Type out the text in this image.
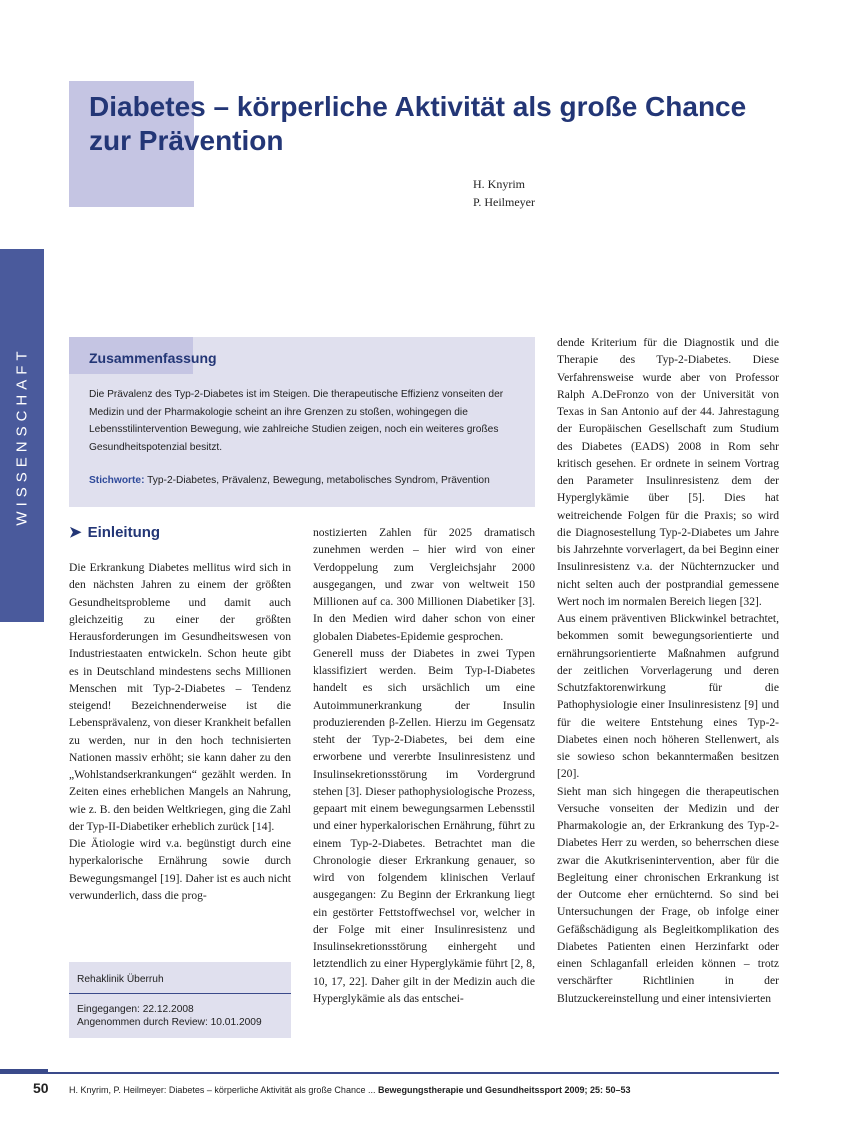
Diabetes – körperliche Aktivität als große Chance zur Prävention
H. Knyrim
P. Heilmeyer
WISSENSCHAFT	Zusammenfassung

Die Prävalenz des Typ-2-Diabetes ist im Steigen. Die therapeutische Effizienz vonseiten der Medizin und der Pharmakologie scheint an ihre Grenzen zu stoßen, wohingegen die Lebensstilintervention Bewegung, wie zahlreiche Studien zeigen, noch ein weiteres großes Gesundheitspotenzial besitzt.

Stichworte: Typ-2-Diabetes, Prävalenz, Bewegung, metabolisches Syndrom, Prävention
➤ Einleitung

Die Erkrankung Diabetes mellitus wird sich in den nächsten Jahren zu einem der größten Gesundheitsprobleme und damit auch gleichzeitig zu einer der größten Herausforderungen im Gesundheitswesen von Industriestaaten entwickeln. Schon heute gibt es in Deutschland mindestens sechs Millionen Menschen mit Typ-2-Diabetes – Tendenz steigend! Bezeichnenderweise ist die Lebensprävalenz, von dieser Krankheit befallen zu werden, nur in den hoch technisierten Nationen massiv erhöht; sie kann daher zu den „Wohlstandserkrankungen“ gezählt werden. In Zeiten eines erheblichen Mangels an Nahrung, wie z. B. den beiden Weltkriegen, ging die Zahl der Typ-II-Diabetiker erheblich zurück [14].

Die Ätiologie wird v.a. begünstigt durch eine hyperkalorische Ernährung sowie durch Bewegungsmangel [19]. Daher ist es auch nicht verwunderlich, dass die prog-

nostizierten Zahlen für 2025 dramatisch zunehmen werden – hier wird von einer Verdoppelung zum Vergleichsjahr 2000 ausgegangen, und zwar von weltweit 150 Millionen auf ca. 300 Millionen Diabetiker [3]. In den Medien wird daher schon von einer globalen Diabetes-Epidemie gesprochen.

Generell muss der Diabetes in zwei Typen klassifiziert werden. Beim Typ-I-Diabetes handelt es sich ursächlich um eine Autoimmunerkrankung der Insulin produzierenden β-Zellen. Hierzu im Gegensatz steht der Typ-2-Diabetes, bei dem eine erworbene und vererbte Insulinresistenz und Insulinsekretionsstörung im Vordergrund stehen [3]. Dieser pathophysiologische Prozess, gepaart mit einem bewegungsarmen Lebensstil und einer hyperkalorischen Ernährung, führt zu einem Typ-2-Diabetes. Betrachtet man die Chronologie dieser Erkrankung genauer, so wird von folgendem klinischen Verlauf ausgegangen: Zu Beginn der Erkrankung liegt ein gestörter Fettstoffwechsel vor, welcher in der Folge mit einer Insulinresistenz und Insulinsekretionsstörung einhergeht und letztendlich zu einer Hyperglykämie führt [2, 8, 10, 17, 22]. Daher gilt in der Medizin auch die Hyperglykämie als das entschei-

dende Kriterium für die Diagnostik und die Therapie des Typ-2-Diabetes. Diese Verfahrensweise wurde aber von Professor Ralph A.DeFronzo von der Universität von Texas in San Antonio auf der 44. Jahrestagung der Europäischen Gesellschaft zum Studium des Diabetes (EADS) 2008 in Rom sehr kritisch gesehen. Er ordnete in seinem Vortrag den Parameter Insulinresistenz dem der Hyperglykämie über [5]. Dies hat weitreichende Folgen für die Praxis; so wird die Diagnosestellung Typ-2-Diabetes um Jahre bis Jahrzehnte vorverlagert, da bei Beginn einer Insulinresistenz v.a. der Nüchternzucker und nicht selten auch der postprandial gemessene Wert noch im normalen Bereich liegen [32].

Aus einem präventiven Blickwinkel betrachtet, bekommen somit bewegungsorientierte und ernährungsorientierte Maßnahmen aufgrund der zeitlichen Vorverlagerung und deren Schutzfaktorenwirkung für die Pathophysiologie einer Insulinresistenz [9] und für die weitere Entstehung eines Typ-2-Diabetes einen noch höheren Stellenwert, als sie sowieso schon bekanntermaßen besitzen [20].

Sieht man sich hingegen die therapeutischen Versuche vonseiten der Medizin und der Pharmakologie an, der Erkrankung des Typ-2-Diabetes Herr zu werden, so beherrschen diese zwar die Akutkrisenintervention, aber für die Begleitung einer chronischen Erkrankung ist der Outcome eher ernüchternd. So sind bei Untersuchungen der Frage, ob infolge einer Gefäßschädigung als Begleitkomplikation des Diabetes Patienten einen Herzinfarkt oder einen Schlaganfall erleiden können – trotz verschärfter Richtlinien in der Blutzuckereinstellung und einer intensivierten

Rehaklinik Überruh
Eingegangen: 22.12.2008
Angenommen durch Review: 10.01.2009
50 H. Knyrim, P. Heilmeyer: Diabetes – körperliche Aktivität als große Chance ... Bewegungstherapie und Gesundheitssport 2009; 25: 50–53
